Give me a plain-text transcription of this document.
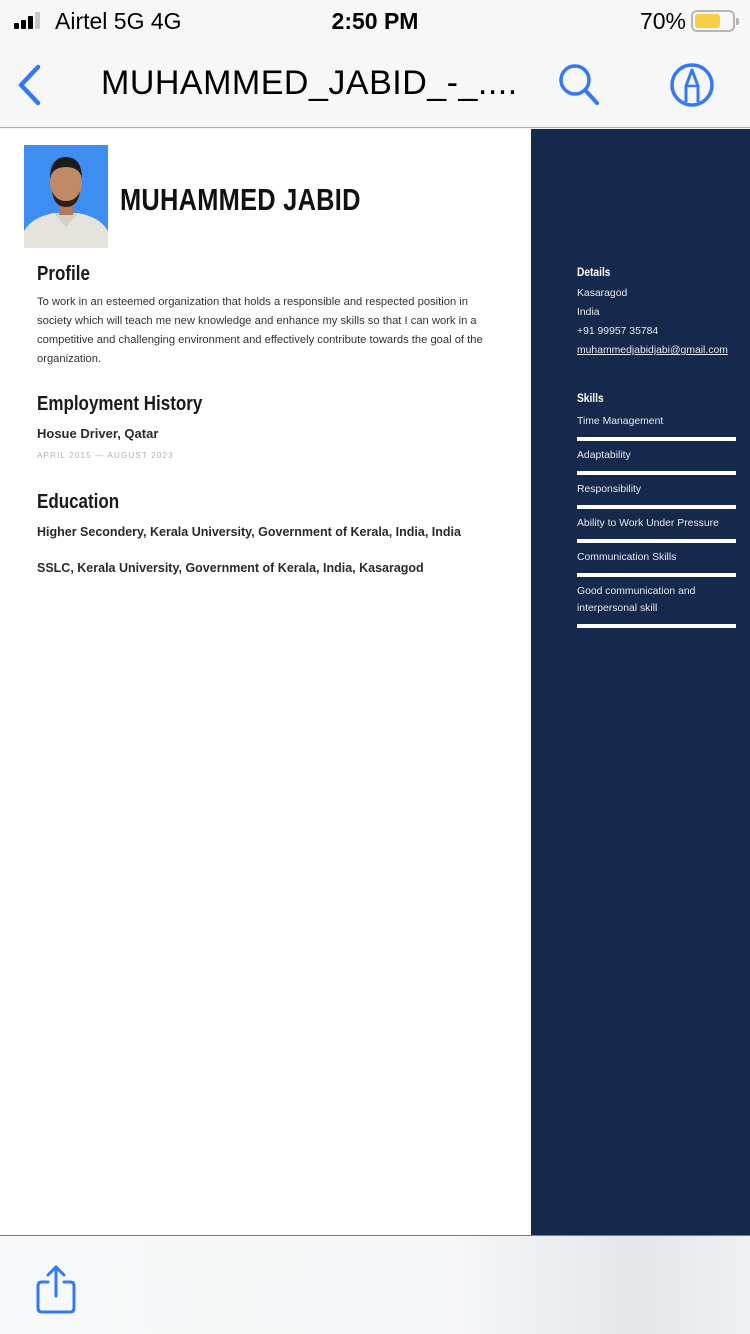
Airtel 5G 4G	2:50 PM	70%
MUHAMMED_JABID_-_....
MUHAMMED JABID
Profile
To work in an esteemed organization that holds a responsible and respected position in society which will teach me new knowledge and enhance my skills so that I can work in a competitive and challenging environment and effectively contribute towards the goal of the organization.
Employment History
Hosue Driver, Qatar
APRIL 2015 — AUGUST 2023
Education
Higher Secondery, Kerala University, Government of Kerala, India, India
SSLC, Kerala University, Government of Kerala, India, Kasaragod
Details
Kasaragod
India
+91 99957 35784
muhammedjabidjabi@gmail.com
Skills
Time Management
Adaptability
Responsibility
Ability to Work Under Pressure
Communication Skills
Good communication and interpersonal skill
